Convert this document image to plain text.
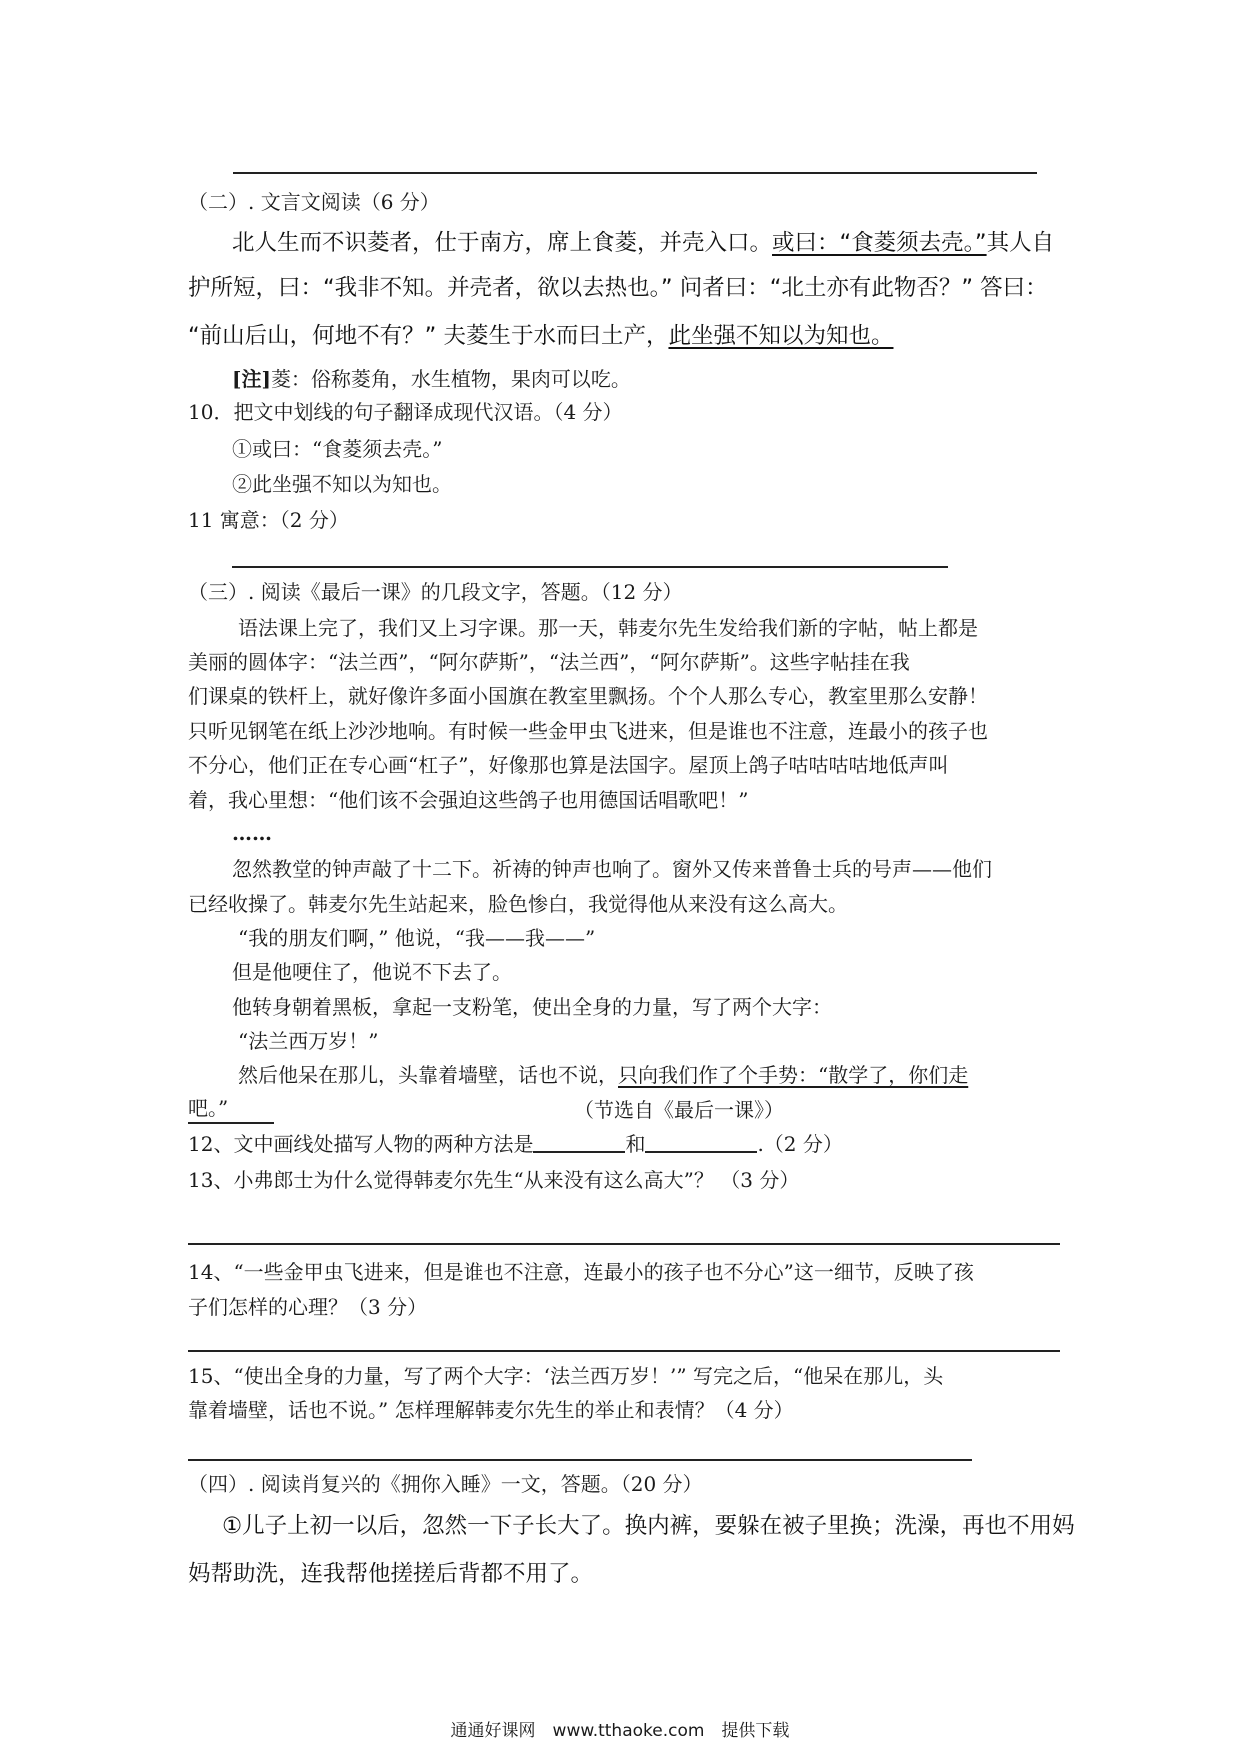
（二）. 文言文阅读（6 分）
北人生而不识菱者，仕于南方，席上食菱，并壳入口。或曰：“食菱须去壳。”其人自
护所短，曰：“我非不知。并壳者，欲以去热也。” 问者曰：“北土亦有此物否？” 答曰：
“前山后山，何地不有？” 夫菱生于水而曰土产，此坐强不知以为知也。
[注]菱：俗称菱角，水生植物，果肉可以吃。
10．把文中划线的句子翻译成现代汉语。（4 分）
①或曰：“食菱须去壳。”
②此坐强不知以为知也。
11 寓意：（2 分）
（三）. 阅读《最后一课》的几段文字，答题。（12 分）
语法课上完了，我们又上习字课。那一天，韩麦尔先生发给我们新的字帖，帖上都是
美丽的圆体字：“法兰西”，“阿尔萨斯”，“法兰西”，“阿尔萨斯”。这些字帖挂在我
们课桌的铁杆上，就好像许多面小国旗在教室里飘扬。个个人那么专心，教室里那么安静！
只听见钢笔在纸上沙沙地响。有时候一些金甲虫飞进来，但是谁也不注意，连最小的孩子也
不分心，他们正在专心画“杠子”，好像那也算是法国字。屋顶上鸽子咕咕咕咕地低声叫
着，我心里想：“他们该不会强迫这些鸽子也用德国话唱歌吧！”
……
忽然教堂的钟声敲了十二下。祈祷的钟声也响了。窗外又传来普鲁士兵的号声——他们
已经收操了。韩麦尔先生站起来，脸色惨白，我觉得他从来没有这么高大。
“我的朋友们啊，” 他说，“我——我——”
但是他哽住了，他说不下去了。
他转身朝着黑板，拿起一支粉笔，使出全身的力量，写了两个大字：
“法兰西万岁！”
然后他呆在那儿，头靠着墙壁，话也不说，只向我们作了个手势：“散学了，你们走
吧。”	（节选自《最后一课》）
12、文中画线处描写人物的两种方法是	和	.（2 分）
13、小弗郎士为什么觉得韩麦尔先生“从来没有这么高大”？ （3 分）
14、“一些金甲虫飞进来，但是谁也不注意，连最小的孩子也不分心”这一细节，反映了孩
子们怎样的心理？（3 分）
15、“使出全身的力量，写了两个大字：‘法兰西万岁！’” 写完之后，“他呆在那儿，头
靠着墙壁，话也不说。” 怎样理解韩麦尔先生的举止和表情？（4 分）
（四）. 阅读肖复兴的《拥你入睡》一文，答题。（20 分）
①儿子上初一以后，忽然一下子长大了。换内裤，要躲在被子里换；洗澡，再也不用妈
妈帮助洗，连我帮他搓搓后背都不用了。
通通好课网　www.tthaoke.com　提供下载
